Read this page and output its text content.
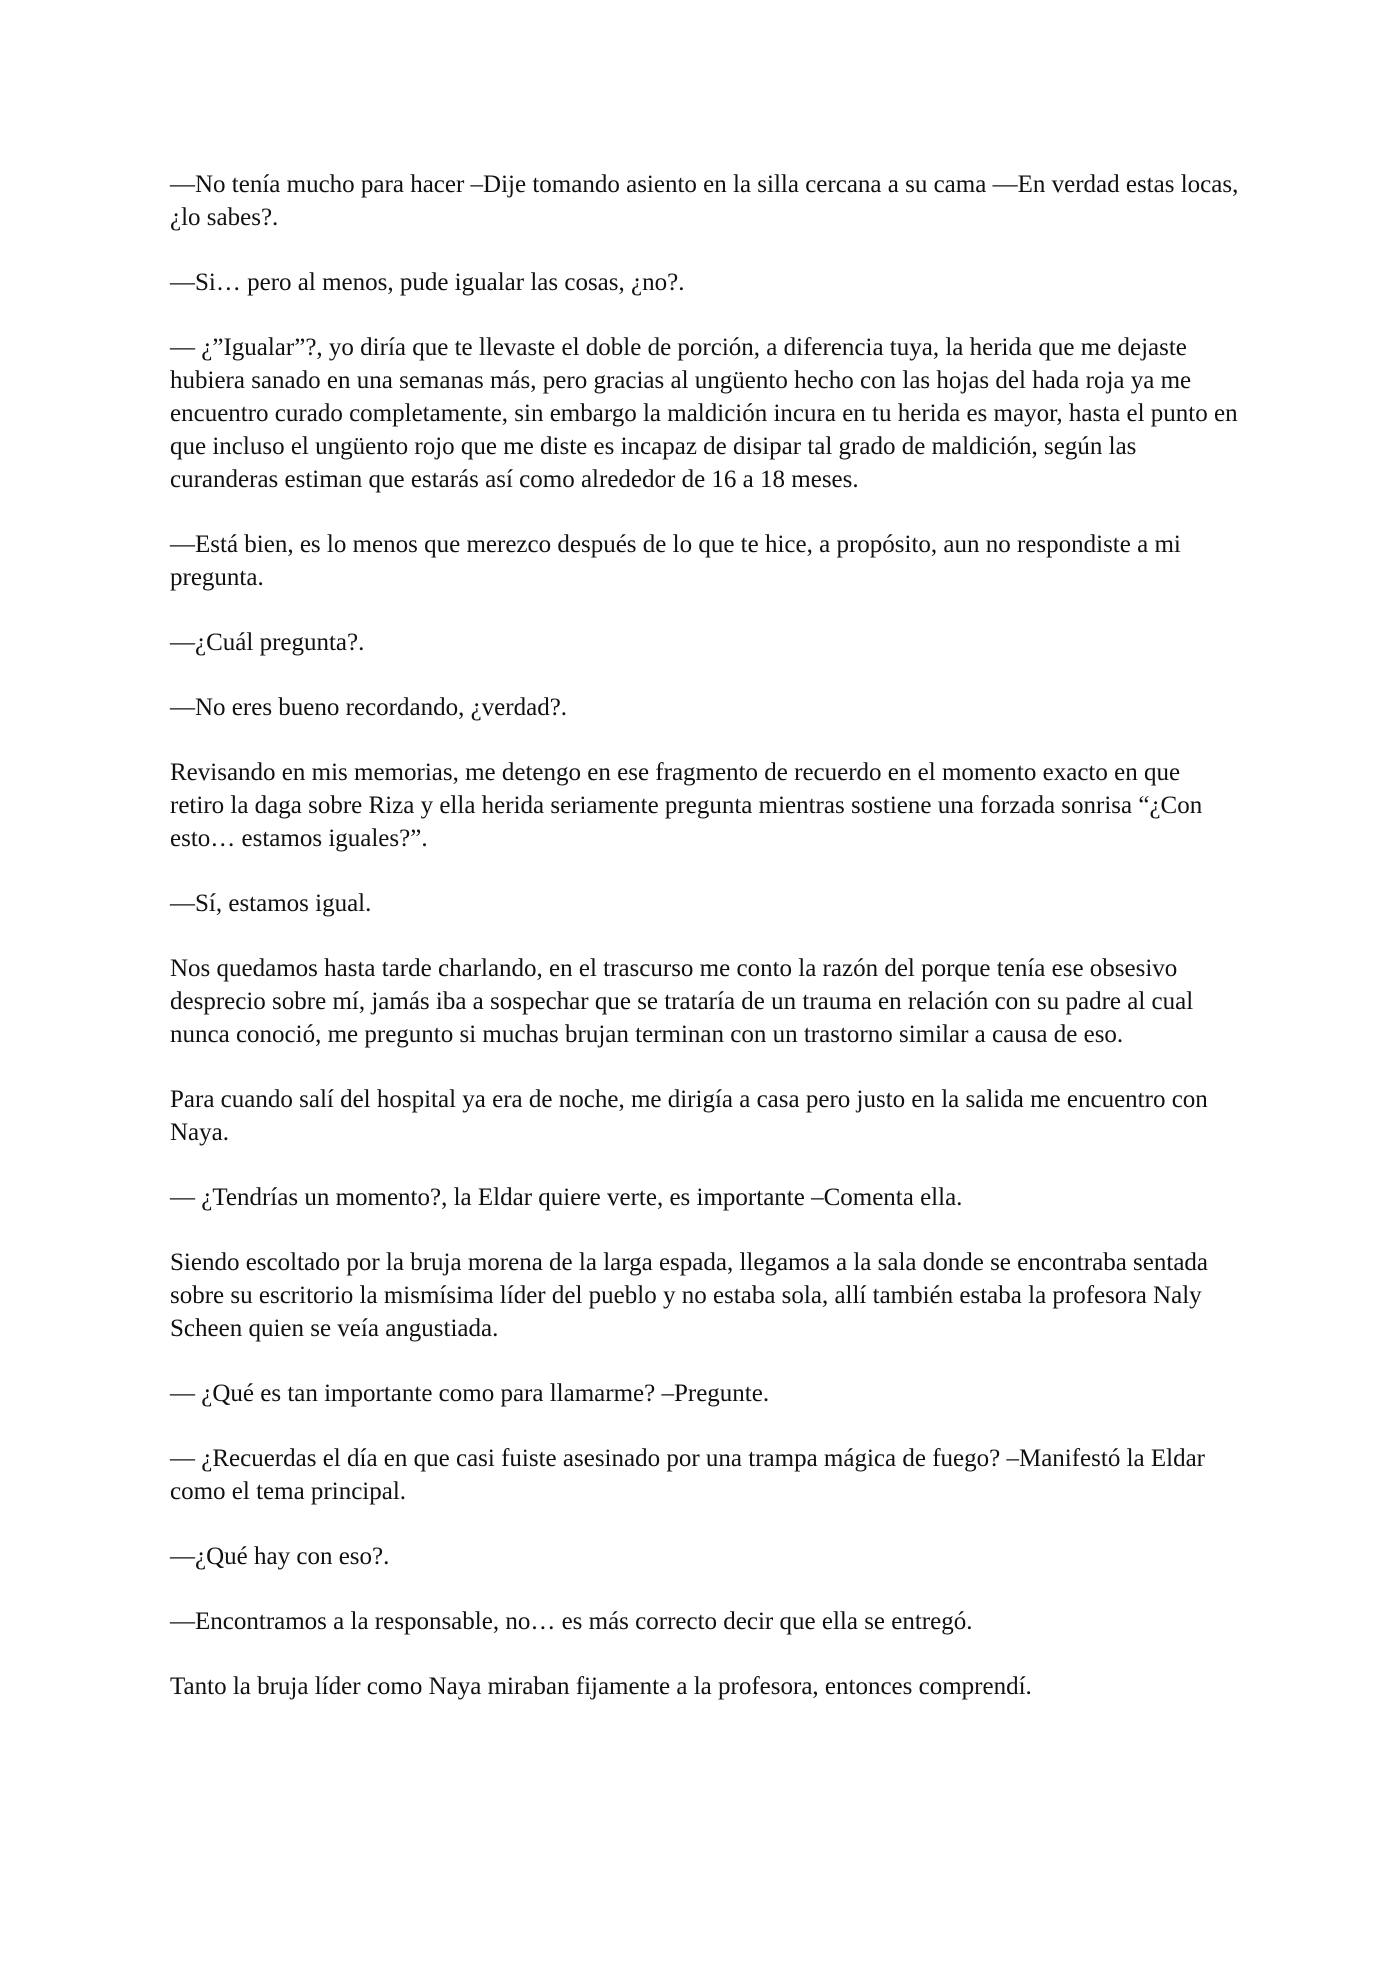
—No tenía mucho para hacer –Dije tomando asiento en la silla cercana a su cama —En verdad estas locas, ¿lo sabes?.

—Si… pero al menos, pude igualar las cosas, ¿no?.

— ¿”Igualar”?, yo diría que te llevaste el doble de porción, a diferencia tuya, la herida que me dejaste hubiera sanado en una semanas más, pero gracias al ungüento hecho con las hojas del hada roja ya me encuentro curado completamente, sin embargo la maldición incura en tu herida es mayor, hasta el punto en que incluso el ungüento rojo que me diste es incapaz de disipar tal grado de maldición, según las curanderas estiman que estarás así como alrededor de 16 a 18 meses.

—Está bien, es lo menos que merezco después de lo que te hice, a propósito, aun no respondiste a mi pregunta.

—¿Cuál pregunta?.

—No eres bueno recordando, ¿verdad?.

Revisando en mis memorias, me detengo en ese fragmento de recuerdo en el momento exacto en que retiro la daga sobre Riza y ella herida seriamente pregunta mientras sostiene una forzada sonrisa “¿Con esto… estamos iguales?”.

—Sí, estamos igual.

Nos quedamos hasta tarde charlando, en el trascurso me conto la razón del porque tenía ese obsesivo desprecio sobre mí, jamás iba a sospechar que se trataría de un trauma en relación con su padre al cual nunca conoció, me pregunto si muchas brujan terminan con un trastorno similar a causa de eso.

Para cuando salí del hospital ya era de noche, me dirigía a casa pero justo en la salida me encuentro con Naya.

— ¿Tendrías un momento?, la Eldar quiere verte, es importante –Comenta ella.

Siendo escoltado por la bruja morena de la larga espada, llegamos a la sala donde se encontraba sentada sobre su escritorio la mismísima líder del pueblo y no estaba sola, allí también estaba la profesora Naly Scheen quien se veía angustiada.

— ¿Qué es tan importante como para llamarme? –Pregunte.

— ¿Recuerdas el día en que casi fuiste asesinado por una trampa mágica de fuego? –Manifestó la Eldar como el tema principal.

—¿Qué hay con eso?.

—Encontramos a la responsable, no… es más correcto decir que ella se entregó.

Tanto la bruja líder como Naya miraban fijamente a la profesora, entonces comprendí.
